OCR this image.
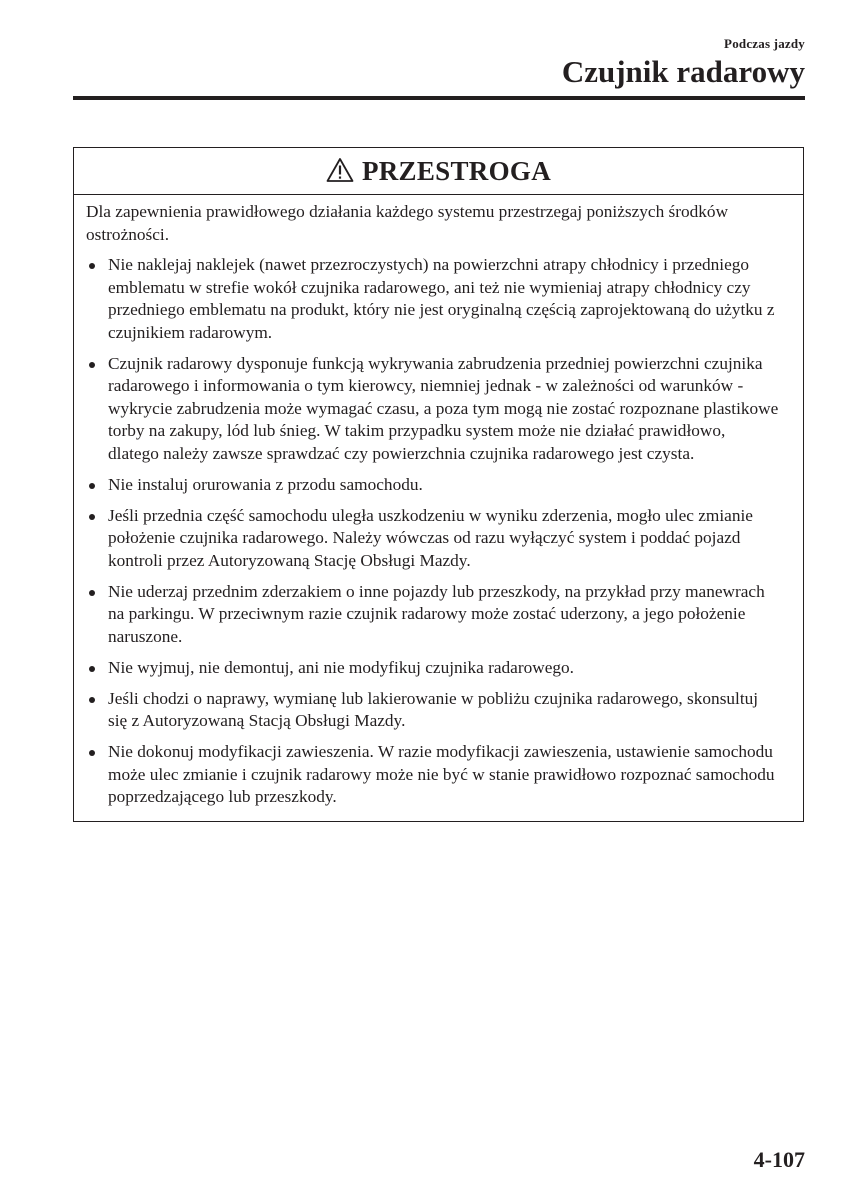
Podczas jazdy
Czujnik radarowy
PRZESTROGA

Dla zapewnienia prawidłowego działania każdego systemu przestrzegaj poniższych środków ostrożności.

Nie naklejaj naklejek (nawet przezroczystych) na powierzchni atrapy chłodnicy i przedniego emblematu w strefie wokół czujnika radarowego, ani też nie wymieniaj atrapy chłodnicy czy przedniego emblematu na produkt, który nie jest oryginalną częścią zaprojektowaną do użytku z czujnikiem radarowym.
Czujnik radarowy dysponuje funkcją wykrywania zabrudzenia przedniej powierzchni czujnika radarowego i informowania o tym kierowcy, niemniej jednak - w zależności od warunków - wykrycie zabrudzenia może wymagać czasu, a poza tym mogą nie zostać rozpoznane plastikowe torby na zakupy, lód lub śnieg. W takim przypadku system może nie działać prawidłowo, dlatego należy zawsze sprawdzać czy powierzchnia czujnika radarowego jest czysta.
Nie instaluj orurowania z przodu samochodu.
Jeśli przednia część samochodu uległa uszkodzeniu w wyniku zderzenia, mogło ulec zmianie położenie czujnika radarowego. Należy wówczas od razu wyłączyć system i poddać pojazd kontroli przez Autoryzowaną Stację Obsługi Mazdy.
Nie uderzaj przednim zderzakiem o inne pojazdy lub przeszkody, na przykład przy manewrach na parkingu. W przeciwnym razie czujnik radarowy może zostać uderzony, a jego położenie naruszone.
Nie wyjmuj, nie demontuj, ani nie modyfikuj czujnika radarowego.
Jeśli chodzi o naprawy, wymianę lub lakierowanie w pobliżu czujnika radarowego, skonsultuj się z Autoryzowaną Stacją Obsługi Mazdy.
Nie dokonuj modyfikacji zawieszenia. W razie modyfikacji zawieszenia, ustawienie samochodu może ulec zmianie i czujnik radarowy może nie być w stanie prawidłowo rozpoznać samochodu poprzedzającego lub przeszkody.
4-107
